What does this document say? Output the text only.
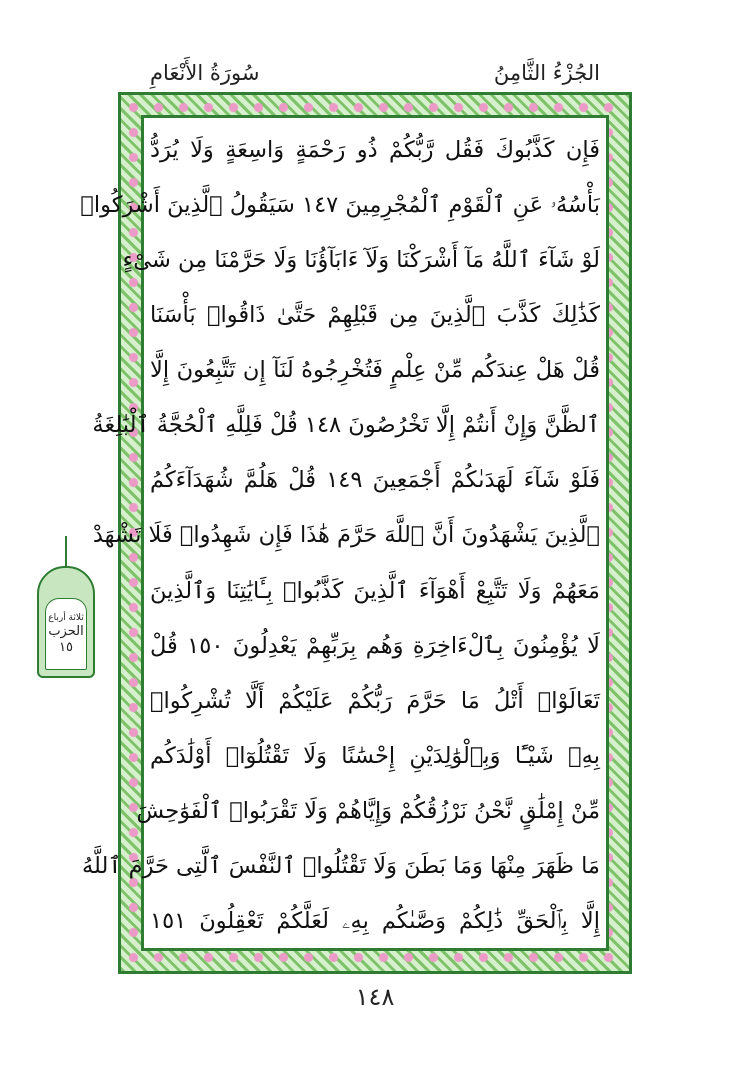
الجُزْءُ الثَّامِنُ
سُورَةُ الأَنْعَامِ
فَإِن كَذَّبُوكَ فَقُل رَّبُّكُمْ ذُو رَحْمَةٍ وَاسِعَةٍ وَلَا يُرَدُّ
بَأْسُهُۥ عَنِ ٱلْقَوْمِ ٱلْمُجْرِمِينَ ١٤٧ سَيَقُولُ ٱلَّذِينَ أَشْرَكُوا۟
لَوْ شَآءَ ٱللَّهُ مَآ أَشْرَكْنَا وَلَآ ءَابَآؤُنَا وَلَا حَرَّمْنَا مِن شَىْءٍ
كَذَٰلِكَ كَذَّبَ ٱلَّذِينَ مِن قَبْلِهِمْ حَتَّىٰ ذَاقُوا۟ بَأْسَنَا
قُلْ هَلْ عِندَكُم مِّنْ عِلْمٍ فَتُخْرِجُوهُ لَنَآ إِن تَتَّبِعُونَ إِلَّا
ٱلظَّنَّ وَإِنْ أَنتُمْ إِلَّا تَخْرُصُونَ ١٤٨ قُلْ فَلِلَّهِ ٱلْحُجَّةُ ٱلْبَٰلِغَةُ
فَلَوْ شَآءَ لَهَدَىٰكُمْ أَجْمَعِينَ ١٤٩ قُلْ هَلُمَّ شُهَدَآءَكُمُ
ٱلَّذِينَ يَشْهَدُونَ أَنَّ ٱللَّهَ حَرَّمَ هَٰذَا فَإِن شَهِدُوا۟ فَلَا تَشْهَدْ
مَعَهُمْ وَلَا تَتَّبِعْ أَهْوَآءَ ٱلَّذِينَ كَذَّبُوا۟ بِـَٔايَٰتِنَا وَٱلَّذِينَ
لَا يُؤْمِنُونَ بِٱلْءَاخِرَةِ وَهُم بِرَبِّهِمْ يَعْدِلُونَ ١٥٠ قُلْ
تَعَالَوْا۟ أَتْلُ مَا حَرَّمَ رَبُّكُمْ عَلَيْكُمْ أَلَّا تُشْرِكُوا۟
بِهِۦ شَيْـًٔا وَبِٱلْوَٰلِدَيْنِ إِحْسَٰنًا وَلَا تَقْتُلُوٓا۟ أَوْلَٰدَكُم
مِّنْ إِمْلَٰقٍ نَّحْنُ نَرْزُقُكُمْ وَإِيَّاهُمْ وَلَا تَقْرَبُوا۟ ٱلْفَوَٰحِشَ
مَا ظَهَرَ مِنْهَا وَمَا بَطَنَ وَلَا تَقْتُلُوا۟ ٱلنَّفْسَ ٱلَّتِى حَرَّمَ ٱللَّهُ
إِلَّا بِٱلْحَقِّ ذَٰلِكُمْ وَصَّىٰكُم بِهِۦ لَعَلَّكُمْ تَعْقِلُونَ ١٥١
ثلاثة أرباع
الحزب
١٥
١٤٨
